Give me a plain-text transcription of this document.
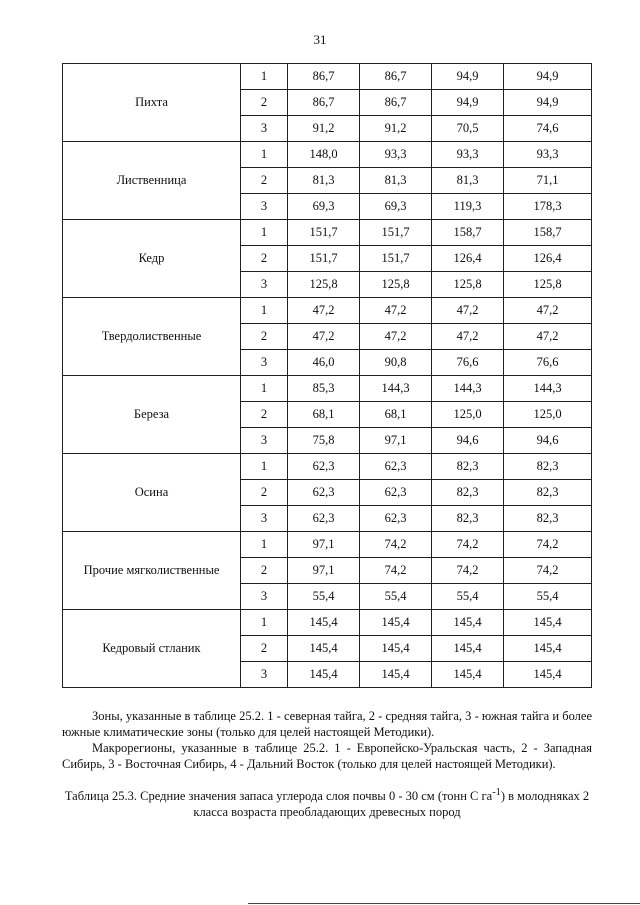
31
Пихта	1	86,7	86,7	94,9	94,9
	2	86,7	86,7	94,9	94,9
	3	91,2	91,2	70,5	74,6
Лиственница	1	148,0	93,3	93,3	93,3
	2	81,3	81,3	81,3	71,1
	3	69,3	69,3	119,3	178,3
Кедр	1	151,7	151,7	158,7	158,7
	2	151,7	151,7	126,4	126,4
	3	125,8	125,8	125,8	125,8
Твердолиственные	1	47,2	47,2	47,2	47,2
	2	47,2	47,2	47,2	47,2
	3	46,0	90,8	76,6	76,6
Береза	1	85,3	144,3	144,3	144,3
	2	68,1	68,1	125,0	125,0
	3	75,8	97,1	94,6	94,6
Осина	1	62,3	62,3	82,3	82,3
	2	62,3	62,3	82,3	82,3
	3	62,3	62,3	82,3	82,3
Прочие мягколиственные	1	97,1	74,2	74,2	74,2
	2	97,1	74,2	74,2	74,2
	3	55,4	55,4	55,4	55,4
Кедровый стланик	1	145,4	145,4	145,4	145,4
	2	145,4	145,4	145,4	145,4
	3	145,4	145,4	145,4	145,4

Зоны, указанные в таблице 25.2. 1 - северная тайга, 2 - средняя тайга, 3 - южная тайга и более южные климатические зоны (только для целей настоящей Методики).

Макрорегионы, указанные в таблице 25.2. 1 - Европейско-Уральская часть, 2 - Западная Сибирь, 3 - Восточная Сибирь, 4 - Дальний Восток (только для целей настоящей Методики).

Таблица 25.3. Средние значения запаса углерода слоя почвы 0 - 30 см (тонн С $га^{-1}$) в молодняках 2 класса возраста преобладающих древесных пород
